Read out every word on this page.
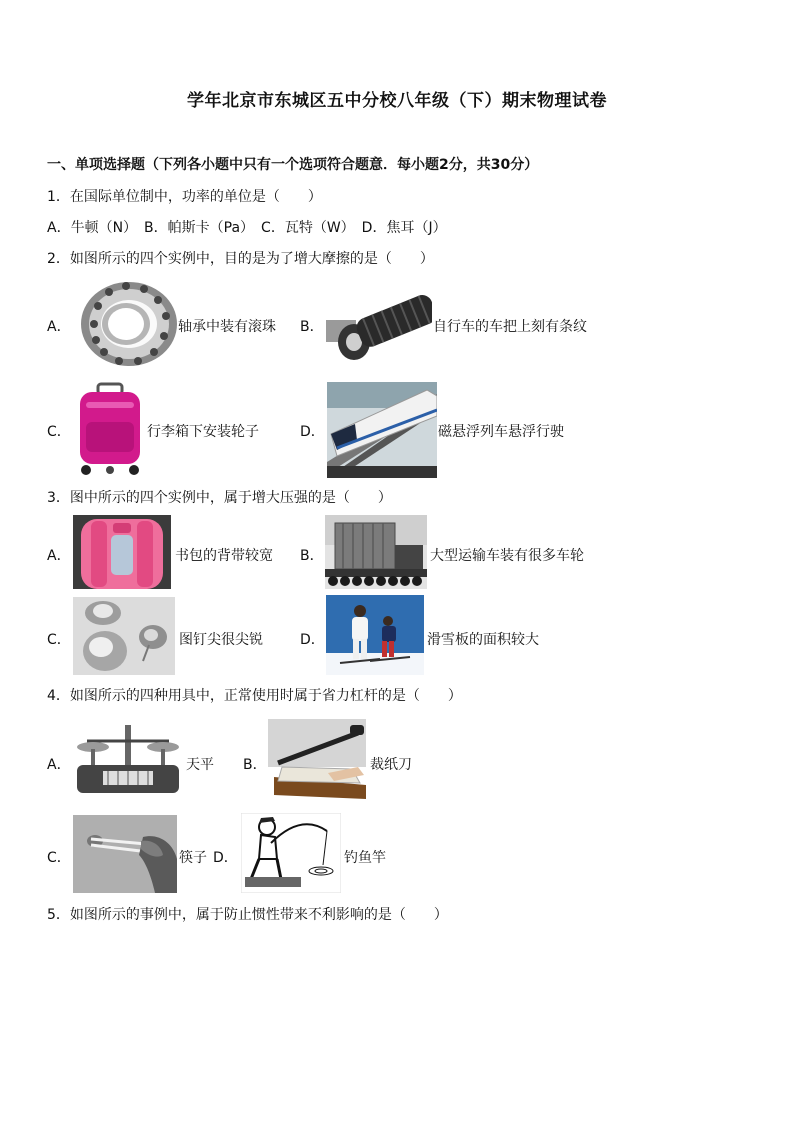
学年北京市东城区五中分校八年级（下）期末物理试卷
一、单项选择题（下列各小题中只有一个选项符合题意．每小题2分，共30分）
1．在国际单位制中，功率的单位是（　　）
A．牛顿（N）　B．帕斯卡（Pa）　C．瓦特（W）　D．焦耳（J）
2．如图所示的四个实例中，目的是为了增大摩擦的是（　　）
A．	轴承中装有滚珠 B．	自行车的车把上刻有条纹
C．	行李箱下安装轮子	D．	磁悬浮列车悬浮行驶
3．图中所示的四个实例中，属于增大压强的是（　　）
A．	书包的背带较宽 B．	大型运输车装有很多车轮
C．	图钉尖很尖锐	D．	滑雪板的面积较大
4．如图所示的四种用具中，正常使用时属于省力杠杆的是（　　）
A．	天平 B．	裁纸刀
C．	筷子 D．	钓鱼竿
5．如图所示的事例中，属于防止惯性带来不利影响的是（　　）
